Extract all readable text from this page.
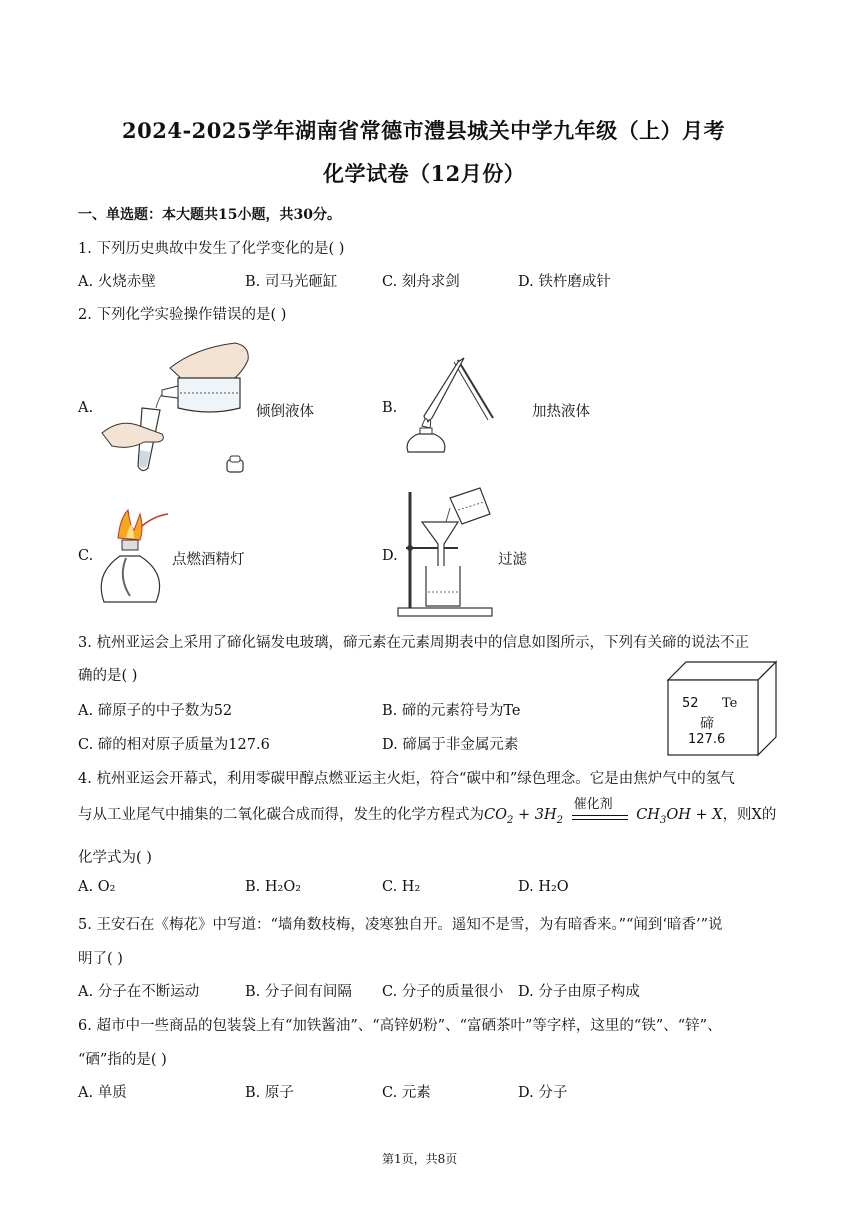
2024-2025学年湖南省常德市澧县城关中学九年级（上）月考
化学试卷（12月份）
一、单选题：本大题共15小题，共30分。
1. 下列历史典故中发生了化学变化的是( )
A. 火烧赤壁	B. 司马光砸缸	C. 刻舟求剑	D. 铁杵磨成针
2. 下列化学实验操作错误的是( )
A.	倾倒液体	B.	加热液体
C.	点燃酒精灯	D.	过滤
3. 杭州亚运会上采用了碲化镉发电玻璃，碲元素在元素周期表中的信息如图所示，下列有关碲的说法不正
确的是( )
A. 碲原子的中子数为52	B. 碲的元素符号为Te
C. 碲的相对原子质量为127.6	D. 碲属于非金属元素
52 Te
碲
127.6
4. 杭州亚运会开幕式，利用零碳甲醇点燃亚运主火炬，符合“碳中和”绿色理念。它是由焦炉气中的氢气
与从工业尾气中捕集的二氧化碳合成而得，发生的化学方程式为$CO_2 + 3H_2$
催化剂
$CH_3OH + X$，则X的
化学式为( )
A. O₂	B. H₂O₂	C. H₂	D. H₂O
5. 王安石在《梅花》中写道：“墙角数枝梅，凌寒独自开。遥知不是雪，为有暗香来。”“闻到‘暗香’”说
明了( )
A. 分子在不断运动	B. 分子间有间隔 C. 分子的质量很小 D. 分子由原子构成
6. 超市中一些商品的包装袋上有“加铁酱油”、“高锌奶粉”、“富硒茶叶”等字样，这里的“铁”、“锌”、
“硒”指的是( )
A. 单质	B. 原子	C. 元素	D. 分子
第1页，共8页
